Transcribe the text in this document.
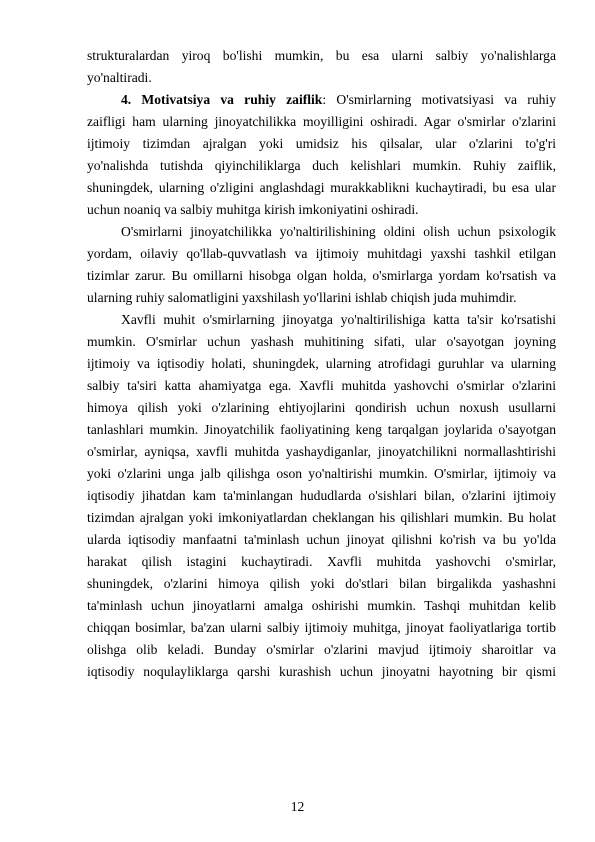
strukturalardan yiroq bo'lishi mumkin, bu esa ularni salbiy yo'nalishlarga
yo'naltiradi.
4. Motivatsiya va ruhiy zaiflik: O'smirlarning motivatsiyasi va ruhiy
zaifligi ham ularning jinoyatchilikka moyilligini oshiradi. Agar o'smirlar o'zlarini
ijtimoiy tizimdan ajralgan yoki umidsiz his qilsalar, ular o'zlarini to'g'ri
yo'nalishda tutishda qiyinchiliklarga duch kelishlari mumkin. Ruhiy zaiflik,
shuningdek, ularning o'zligini anglashdagi murakkablikni kuchaytiradi, bu esa ular
uchun noaniq va salbiy muhitga kirish imkoniyatini oshiradi.
O'smirlarni jinoyatchilikka yo'naltirilishining oldini olish uchun psixologik
yordam, oilaviy qo'llab-quvvatlash va ijtimoiy muhitdagi yaxshi tashkil etilgan
tizimlar zarur. Bu omillarni hisobga olgan holda, o'smirlarga yordam ko'rsatish va
ularning ruhiy salomatligini yaxshilash yo'llarini ishlab chiqish juda muhimdir.
Xavfli muhit o'smirlarning jinoyatga yo'naltirilishiga katta ta'sir ko'rsatishi
mumkin. O'smirlar uchun yashash muhitining sifati, ular o'sayotgan joyning
ijtimoiy va iqtisodiy holati, shuningdek, ularning atrofidagi guruhlar va ularning
salbiy ta'siri katta ahamiyatga ega. Xavfli muhitda yashovchi o'smirlar o'zlarini
himoya qilish yoki o'zlarining ehtiyojlarini qondirish uchun noxush usullarni
tanlashlari mumkin. Jinoyatchilik faoliyatining keng tarqalgan joylarida o'sayotgan
o'smirlar, ayniqsa, xavfli muhitda yashaydiganlar, jinoyatchilikni normallashtirishi
yoki o'zlarini unga jalb qilishga oson yo'naltirishi mumkin. O'smirlar, ijtimoiy va
iqtisodiy jihatdan kam ta'minlangan hududlarda o'sishlari bilan, o'zlarini ijtimoiy
tizimdan ajralgan yoki imkoniyatlardan cheklangan his qilishlari mumkin. Bu holat
ularda iqtisodiy manfaatni ta'minlash uchun jinoyat qilishni ko'rish va bu yo'lda
harakat qilish istagini kuchaytiradi. Xavfli muhitda yashovchi o'smirlar,
shuningdek, o'zlarini himoya qilish yoki do'stlari bilan birgalikda yashashni
ta'minlash uchun jinoyatlarni amalga oshirishi mumkin. Tashqi muhitdan kelib
chiqqan bosimlar, ba'zan ularni salbiy ijtimoiy muhitga, jinoyat faoliyatlariga tortib
olishga olib keladi. Bunday o'smirlar o'zlarini mavjud ijtimoiy sharoitlar va
iqtisodiy noqulayliklarga qarshi kurashish uchun jinoyatni hayotning bir qismi
12
